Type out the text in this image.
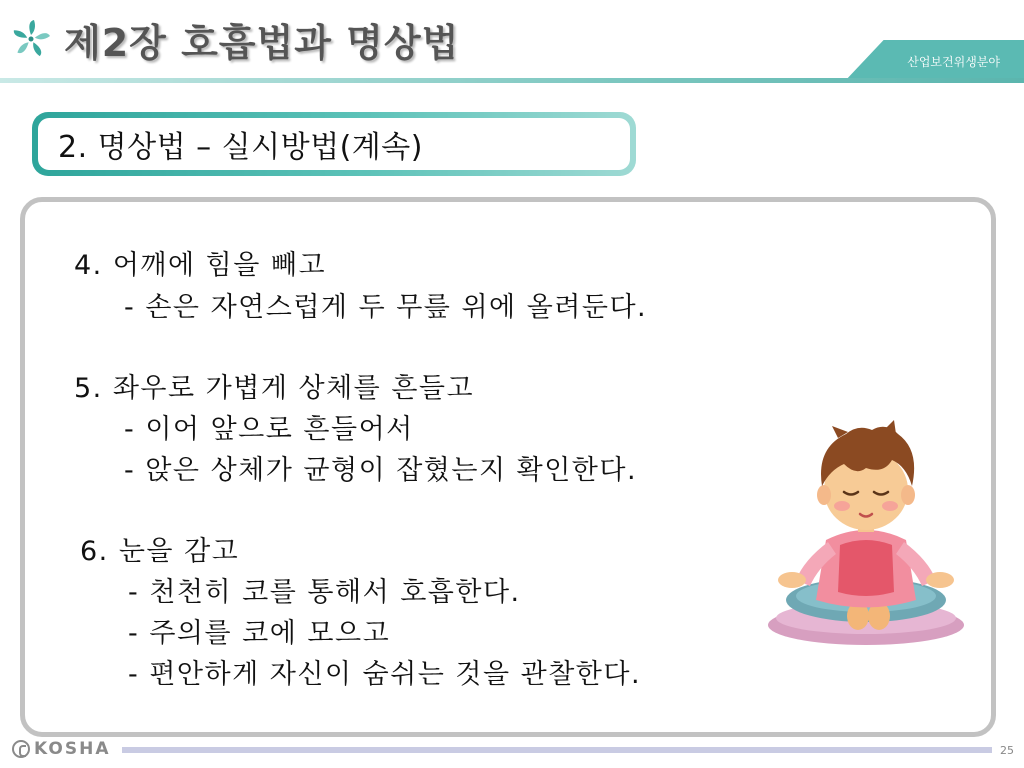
제2장 호흡법과 명상법	산업보건위생분야
2. 명상법 – 실시방법(계속)
4. 어깨에 힘을 빼고
- 손은 자연스럽게 두 무릎 위에 올려둔다.
5. 좌우로 가볍게 상체를 흔들고
- 이어 앞으로 흔들어서
- 앉은 상체가 균형이 잡혔는지 확인한다.
6. 눈을 감고
- 천천히 코를 통해서 호흡한다.
- 주의를 코에 모으고
- 편안하게 자신이 숨쉬는 것을 관찰한다.
KOSHA	25
